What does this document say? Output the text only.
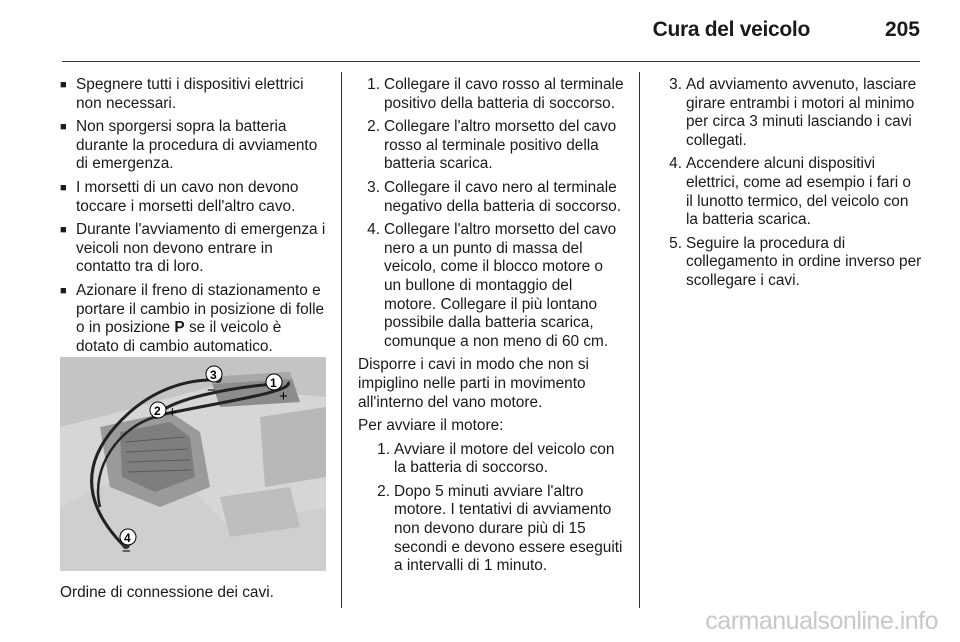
Cura del veicolo	205
■ Spegnere tutti i dispositivi elettrici non necessari.
■ Non sporgersi sopra la batteria durante la procedura di avviamento di emergenza.
■ I morsetti di un cavo non devono toccare i morsetti dell'altro cavo.
■ Durante l'avviamento di emergenza i veicoli non devono entrare in contatto tra di loro.
■ Azionare il freno di stazionamento e portare il cambio in posizione di folle o in posizione P se il veicolo è dotato di cambio automatico.
1
2
3
4
+
+
−
−
Ordine di connessione dei cavi.
1. Collegare il cavo rosso al terminale positivo della batteria di soccorso.
2. Collegare l'altro morsetto del cavo rosso al terminale positivo della batteria scarica.
3. Collegare il cavo nero al terminale negativo della batteria di soccorso.
4. Collegare l'altro morsetto del cavo nero a un punto di massa del veicolo, come il blocco motore o un bullone di montaggio del motore. Collegare il più lontano possibile dalla batteria scarica, comunque a non meno di 60 cm.
Disporre i cavi in modo che non si impiglino nelle parti in movimento all'interno del vano motore.
Per avviare il motore:
1. Avviare il motore del veicolo con la batteria di soccorso.
2. Dopo 5 minuti avviare l'altro motore. I tentativi di avviamento non devono durare più di 15 secondi e devono essere eseguiti a intervalli di 1 minuto.
3. Ad avviamento avvenuto, lasciare girare entrambi i motori al minimo per circa 3 minuti lasciando i cavi collegati.
4. Accendere alcuni dispositivi elettrici, come ad esempio i fari o il lunotto termico, del veicolo con la batteria scarica.
5. Seguire la procedura di collegamento in ordine inverso per scollegare i cavi.
carmanualsonline.info
